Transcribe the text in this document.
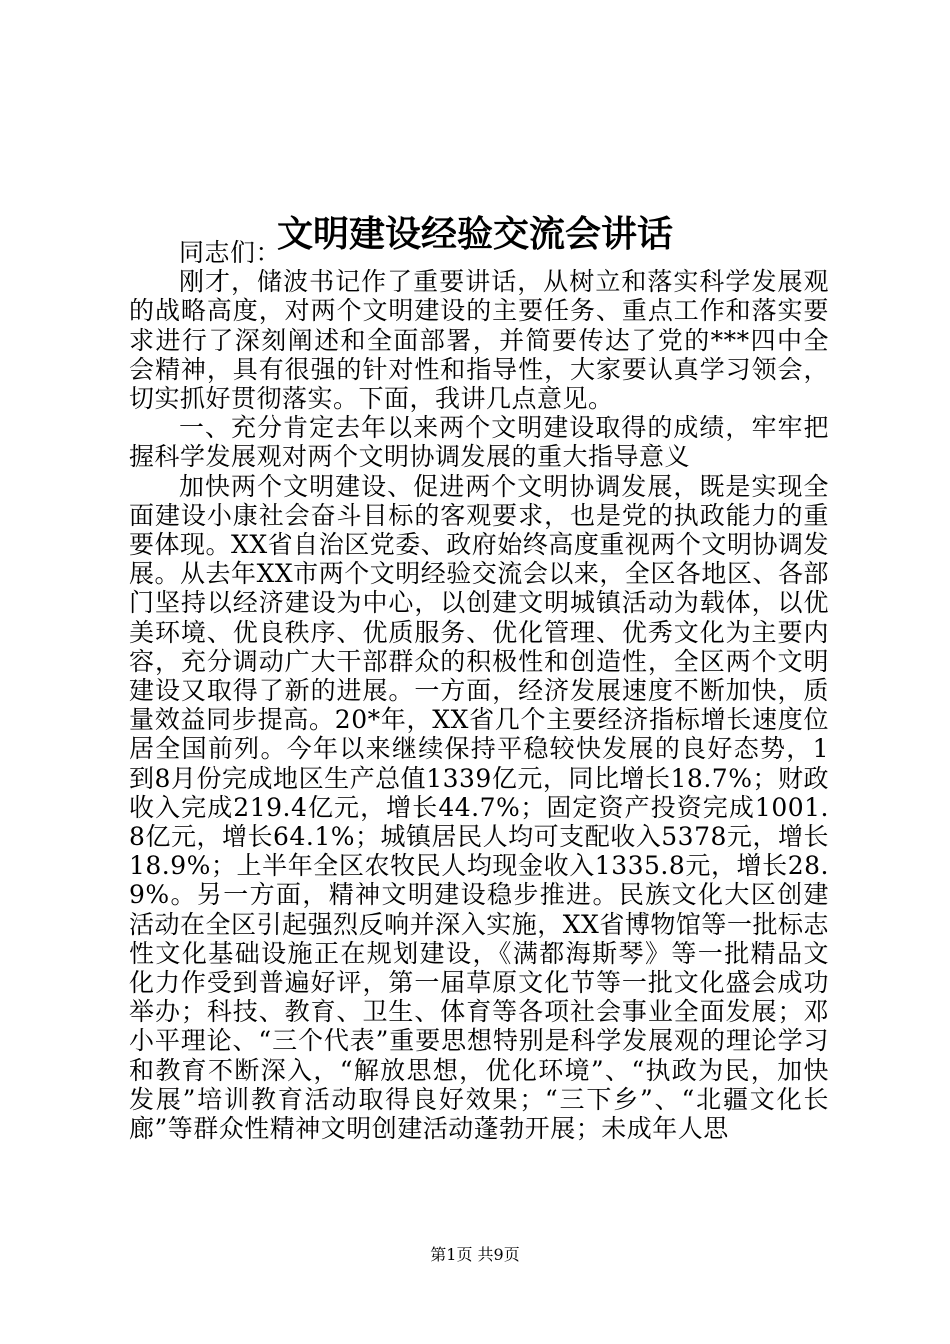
文明建设经验交流会讲话

同志们：

刚才，储波书记作了重要讲话，从树立和落实科学发展观的战略高度，对两个文明建设的主要任务、重点工作和落实要求进行了深刻阐述和全面部署，并简要传达了党的***四中全会精神，具有很强的针对性和指导性，大家要认真学习领会，切实抓好贯彻落实。下面，我讲几点意见。

一、充分肯定去年以来两个文明建设取得的成绩，牢牢把握科学发展观对两个文明协调发展的重大指导意义

加快两个文明建设、促进两个文明协调发展，既是实现全面建设小康社会奋斗目标的客观要求，也是党的执政能力的重要体现。XX省自治区党委、政府始终高度重视两个文明协调发展。从去年XX市两个文明经验交流会以来，全区各地区、各部门坚持以经济建设为中心，以创建文明城镇活动为载体，以优美环境、优良秩序、优质服务、优化管理、优秀文化为主要内容，充分调动广大干部群众的积极性和创造性，全区两个文明建设又取得了新的进展。一方面，经济发展速度不断加快，质量效益同步提高。20*年，XX省几个主要经济指标增长速度位居全国前列。今年以来继续保持平稳较快发展的良好态势，1到8月份完成地区生产总值1339亿元，同比增长18.7%；财政收入完成219.4亿元，增长44.7%；固定资产投资完成1001.8亿元，增长64.1%；城镇居民人均可支配收入5378元，增长18.9%；上半年全区农牧民人均现金收入1335.8元，增长28.9%。另一方面，精神文明建设稳步推进。民族文化大区创建活动在全区引起强烈反响并深入实施，XX省博物馆等一批标志性文化基础设施正在规划建设，《满都海斯琴》等一批精品文化力作受到普遍好评，第一届草原文化节等一批文化盛会成功举办；科技、教育、卫生、体育等各项社会事业全面发展；邓小平理论、“三个代表”重要思想特别是科学发展观的理论学习和教育不断深入，“解放思想，优化环境”、“执政为民，加快发展”培训教育活动取得良好效果；“三下乡”、“北疆文化长廊”等群众性精神文明创建活动蓬勃开展；未成年人思

第1页 共9页
